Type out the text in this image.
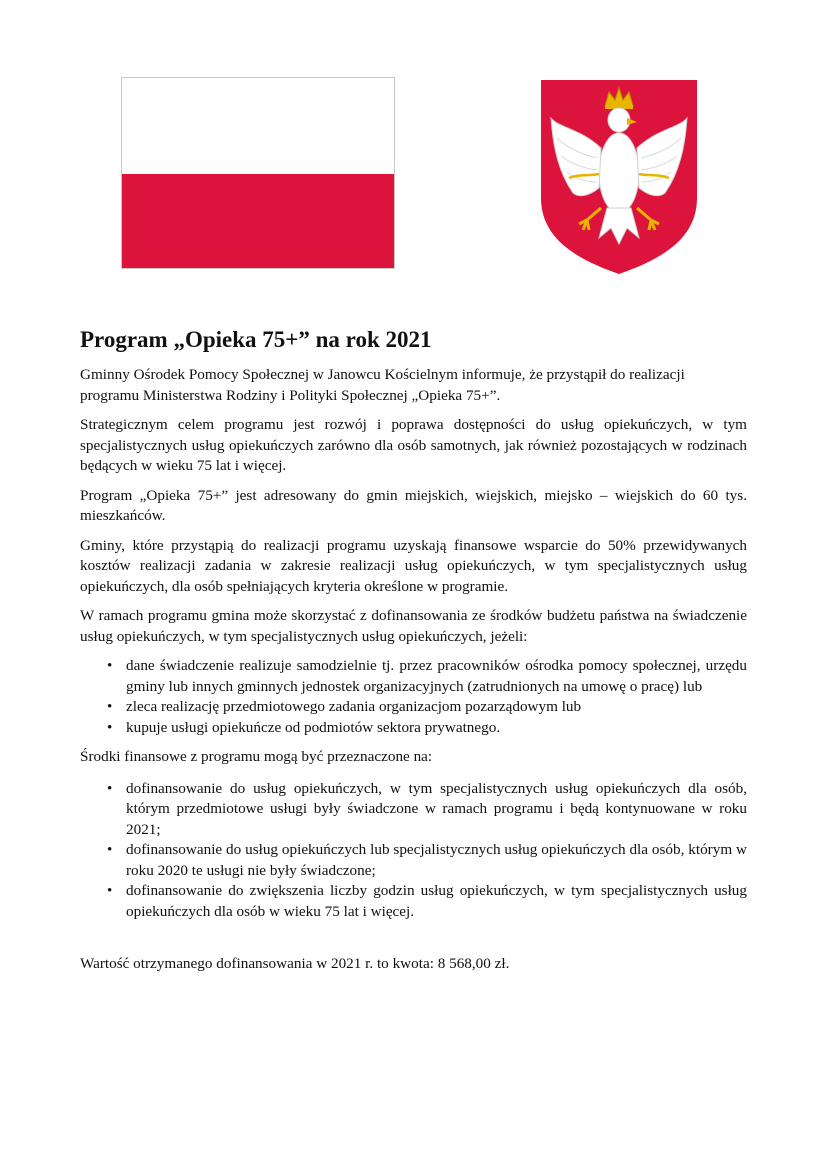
Program „Opieka 75+” na rok 2021

Gminny Ośrodek Pomocy Społecznej w Janowcu Kościelnym informuje, że przystąpił do realizacji programu Ministerstwa Rodziny i Polityki Społecznej „Opieka 75+”.

Strategicznym celem programu jest rozwój i poprawa dostępności do usług opiekuńczych, w tym specjalistycznych usług opiekuńczych zarówno dla osób samotnych, jak również pozostających w rodzinach będących w wieku 75 lat i więcej.

Program „Opieka 75+” jest adresowany do gmin miejskich, wiejskich, miejsko – wiejskich do 60 tys. mieszkańców.

Gminy, które przystąpią do realizacji programu uzyskają finansowe wsparcie do 50% przewidywanych kosztów realizacji zadania w zakresie realizacji usług opiekuńczych, w tym specjalistycznych usług opiekuńczych, dla osób spełniających kryteria określone w programie.

W ramach programu gmina może skorzystać z dofinansowania ze środków budżetu państwa na świadczenie usług opiekuńczych, w tym specjalistycznych usług opiekuńczych, jeżeli:

• dane świadczenie realizuje samodzielnie tj. przez pracowników ośrodka pomocy społecznej, urzędu gminy lub innych gminnych jednostek organizacyjnych (zatrudnionych na umowę o pracę) lub
• zleca realizację przedmiotowego zadania organizacjom pozarządowym lub
• kupuje usługi opiekuńcze od podmiotów sektora prywatnego.

Środki finansowe z programu mogą być przeznaczone na:

• dofinansowanie do usług opiekuńczych, w tym specjalistycznych usług opiekuńczych dla osób, którym przedmiotowe usługi były świadczone w ramach programu i będą kontynuowane w roku 2021;
• dofinansowanie do usług opiekuńczych lub specjalistycznych usług opiekuńczych dla osób, którym w roku 2020 te usługi nie były świadczone;
• dofinansowanie do zwiększenia liczby godzin usług opiekuńczych, w tym specjalistycznych usług opiekuńczych dla osób w wieku 75 lat i więcej.

Wartość otrzymanego dofinansowania w 2021 r. to kwota: 8 568,00 zł.
